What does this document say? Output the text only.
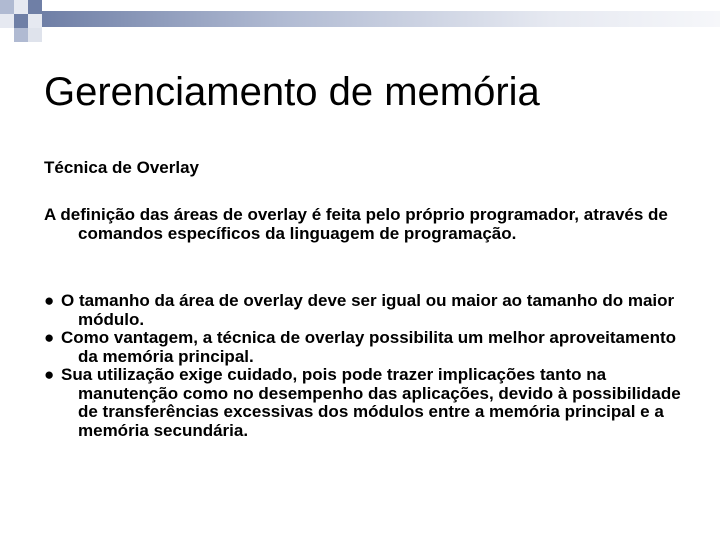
Gerenciamento de memória

Técnica de Overlay

A definição das áreas de overlay é feita pelo próprio programador, através de comandos específicos da linguagem de programação.

● O tamanho da área de overlay deve ser igual ou maior ao tamanho do maior módulo.
● Como vantagem, a técnica de overlay possibilita um melhor aproveitamento da memória principal.
● Sua utilização exige cuidado, pois pode trazer implicações tanto na manutenção como no desempenho das aplicações, devido à possibilidade de transferências excessivas dos módulos entre a memória principal e a memória secundária.
